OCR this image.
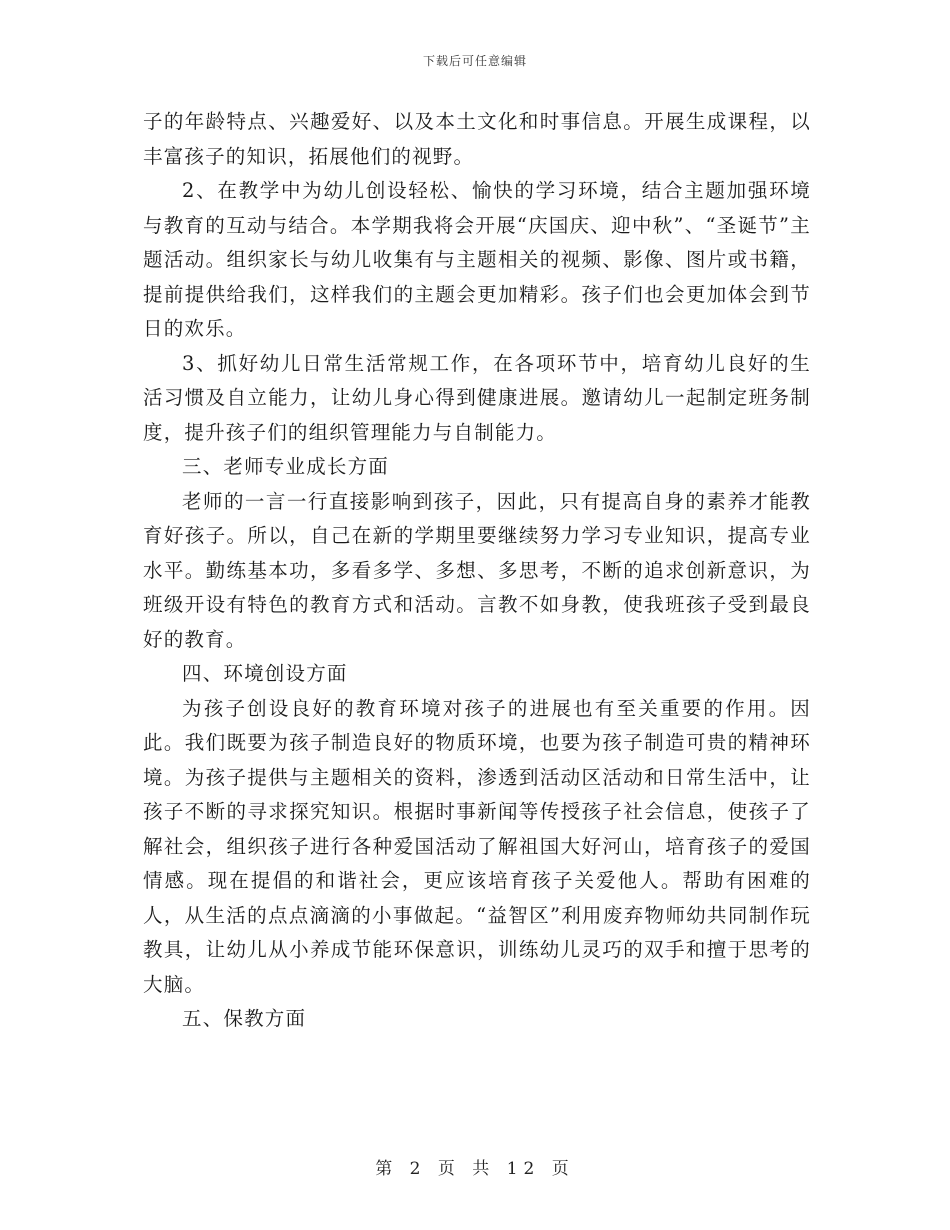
下载后可任意编辑

子的年龄特点、兴趣爱好、以及本土文化和时事信息。开展生成课程，以丰富孩子的知识，拓展他们的视野。

2、在教学中为幼儿创设轻松、愉快的学习环境，结合主题加强环境与教育的互动与结合。本学期我将会开展“庆国庆、迎中秋”、“圣诞节”主题活动。组织家长与幼儿收集有与主题相关的视频、影像、图片或书籍，提前提供给我们，这样我们的主题会更加精彩。孩子们也会更加体会到节日的欢乐。

3、抓好幼儿日常生活常规工作，在各项环节中，培育幼儿良好的生活习惯及自立能力，让幼儿身心得到健康进展。邀请幼儿一起制定班务制度，提升孩子们的组织管理能力与自制能力。

三、老师专业成长方面

老师的一言一行直接影响到孩子，因此，只有提高自身的素养才能教育好孩子。所以，自己在新的学期里要继续努力学习专业知识，提高专业水平。勤练基本功，多看多学、多想、多思考，不断的追求创新意识，为班级开设有特色的教育方式和活动。言教不如身教，使我班孩子受到最良好的教育。

四、环境创设方面

为孩子创设良好的教育环境对孩子的进展也有至关重要的作用。因此。我们既要为孩子制造良好的物质环境，也要为孩子制造可贵的精神环境。为孩子提供与主题相关的资料，渗透到活动区活动和日常生活中，让孩子不断的寻求探究知识。根据时事新闻等传授孩子社会信息，使孩子了解社会，组织孩子进行各种爱国活动了解祖国大好河山，培育孩子的爱国情感。现在提倡的和谐社会，更应该培育孩子关爱他人。帮助有困难的人，从生活的点点滴滴的小事做起。“益智区”利用废弃物师幼共同制作玩教具，让幼儿从小养成节能环保意识，训练幼儿灵巧的双手和擅于思考的大脑。

五、保教方面

第 2 页 共 12 页
